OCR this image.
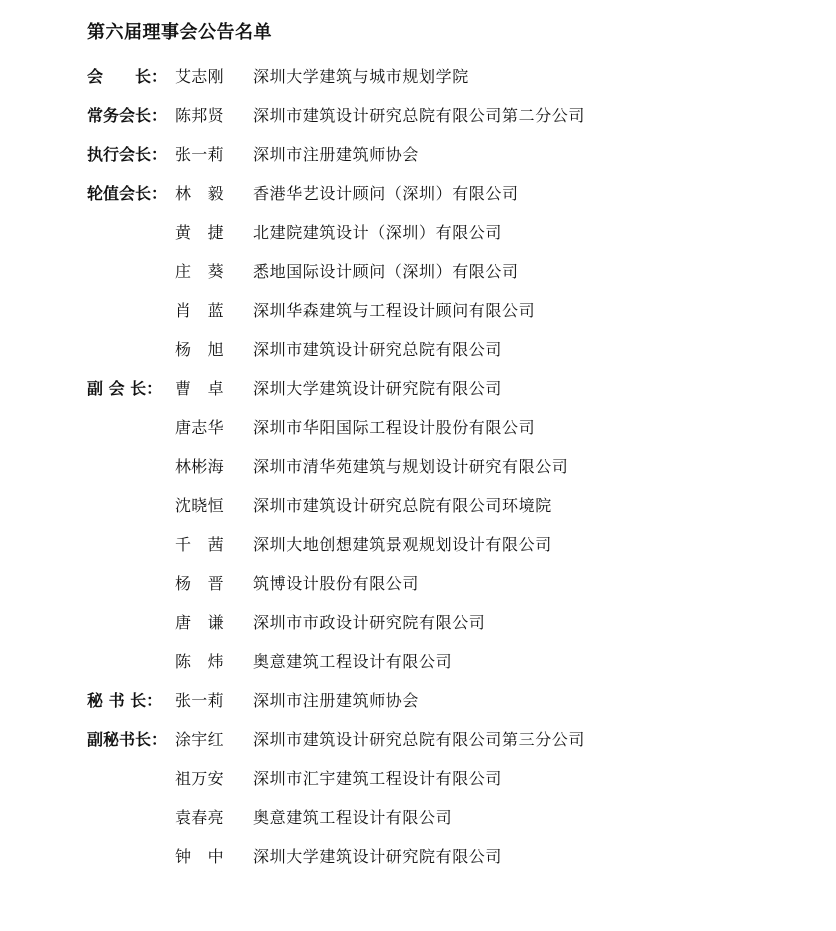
第六届理事会公告名单
会　　长： 艾志刚	深圳大学建筑与城市规划学院
常务会长： 陈邦贤	深圳市建筑设计研究总院有限公司第二分公司
执行会长： 张一莉	深圳市注册建筑师协会
轮值会长： 林　毅	香港华艺设计顾问（深圳）有限公司
黄　捷	北建院建筑设计（深圳）有限公司
庄　葵	悉地国际设计顾问（深圳）有限公司
肖　蓝	深圳华森建筑与工程设计顾问有限公司
杨　旭	深圳市建筑设计研究总院有限公司
副 会 长： 曹　卓	深圳大学建筑设计研究院有限公司
唐志华	深圳市华阳国际工程设计股份有限公司
林彬海	深圳市清华苑建筑与规划设计研究有限公司
沈晓恒	深圳市建筑设计研究总院有限公司环境院
千　茜	深圳大地创想建筑景观规划设计有限公司
杨　晋	筑博设计股份有限公司
唐　谦	深圳市市政设计研究院有限公司
陈　炜	奥意建筑工程设计有限公司
秘 书 长： 张一莉	深圳市注册建筑师协会
副秘书长： 涂宇红	深圳市建筑设计研究总院有限公司第三分公司
祖万安	深圳市汇宇建筑工程设计有限公司
袁春亮	奥意建筑工程设计有限公司
钟　中	深圳大学建筑设计研究院有限公司
